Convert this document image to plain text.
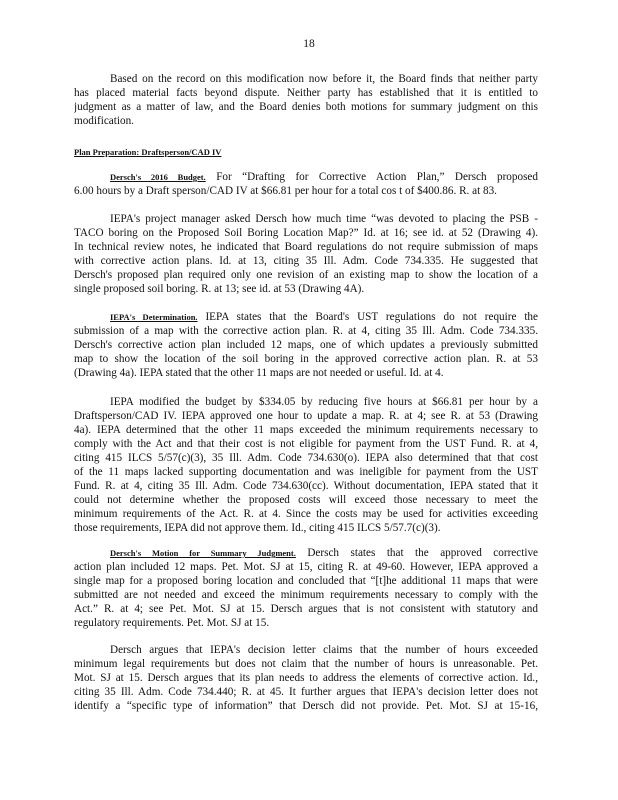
18
Based on the record on this modification now before it, the Board finds that neither party
has placed material facts beyond dispute. Neither party has established that it is entitled to
judgment as a matter of law, and the Board denies both motions for summary judgment on this
modification.
Plan Preparation: Draftsperson/CAD IV
Dersch's 2016 Budget. For “Drafting for Corrective Action Plan,” Dersch proposed
6.00 hours by a Draft sperson/CAD IV at $66.81 per hour for a total cos t of $400.86. R. at 83.
IEPA's project manager asked Dersch how much time “was devoted to placing the PSB -
TACO boring on the Proposed Soil Boring Location Map?” Id. at 16; see id. at 52 (Drawing 4).
In technical review notes, he indicated that Board regulations do not require submission of maps
with corrective action plans. Id. at 13, citing 35 Ill. Adm. Code 734.335. He suggested that
Dersch's proposed plan required only one revision of an existing map to show the location of a
single proposed soil boring. R. at 13; see id. at 53 (Drawing 4A).
IEPA's Determination. IEPA states that the Board's UST regulations do not require the
submission of a map with the corrective action plan. R. at 4, citing 35 Ill. Adm. Code 734.335.
Dersch's corrective action plan included 12 maps, one of which updates a previously submitted
map to show the location of the soil boring in the approved corrective action plan. R. at 53
(Drawing 4a). IEPA stated that the other 11 maps are not needed or useful. Id. at 4.
IEPA modified the budget by $334.05 by reducing five hours at $66.81 per hour by a
Draftsperson/CAD IV. IEPA approved one hour to update a map. R. at 4; see R. at 53 (Drawing
4a). IEPA determined that the other 11 maps exceeded the minimum requirements necessary to
comply with the Act and that their cost is not eligible for payment from the UST Fund. R. at 4,
citing 415 ILCS 5/57(c)(3), 35 Ill. Adm. Code 734.630(o). IEPA also determined that that cost
of the 11 maps lacked supporting documentation and was ineligible for payment from the UST
Fund. R. at 4, citing 35 Ill. Adm. Code 734.630(cc). Without documentation, IEPA stated that it
could not determine whether the proposed costs will exceed those necessary to meet the
minimum requirements of the Act. R. at 4. Since the costs may be used for activities exceeding
those requirements, IEPA did not approve them. Id., citing 415 ILCS 5/57.7(c)(3).
Dersch's Motion for Summary Judgment. Dersch states that the approved corrective
action plan included 12 maps. Pet. Mot. SJ at 15, citing R. at 49-60. However, IEPA approved a
single map for a proposed boring location and concluded that “[t]he additional 11 maps that were
submitted are not needed and exceed the minimum requirements necessary to comply with the
Act.” R. at 4; see Pet. Mot. SJ at 15. Dersch argues that is not consistent with statutory and
regulatory requirements. Pet. Mot. SJ at 15.
Dersch argues that IEPA's decision letter claims that the number of hours exceeded
minimum legal requirements but does not claim that the number of hours is unreasonable. Pet.
Mot. SJ at 15. Dersch argues that its plan needs to address the elements of corrective action. Id.,
citing 35 Ill. Adm. Code 734.440; R. at 45. It further argues that IEPA's decision letter does not
identify a “specific type of information” that Dersch did not provide. Pet. Mot. SJ at 15-16,
